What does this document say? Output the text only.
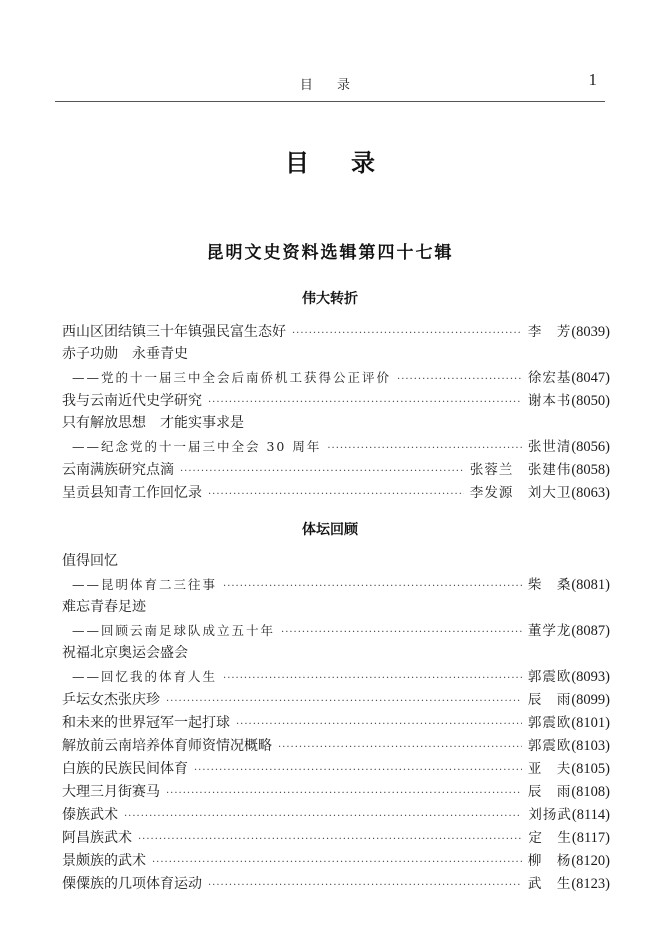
目 录	1
目录
昆明文史资料选辑第四十七辑
伟大转折
西山区团结镇三十年镇强民富生态好 ·····	李　芳 (8039)
赤子功勋　永垂青史
——党的十一届三中全会后南侨机工获得公正评价 ·····	徐宏基 (8047)
我与云南近代史学研究 ·····	谢本书 (8050)
只有解放思想　才能实事求是
——纪念党的十一届三中全会 30 周年 ·····	张世清 (8056)
云南满族研究点滴 ·····	张蓉兰　张建伟 (8058)
呈贡县知青工作回忆录 ·····	李发源　刘大卫 (8063)
体坛回顾
值得回忆
——昆明体育二三往事 ·····	柴　桑 (8081)
难忘青春足迹
——回顾云南足球队成立五十年 ·····	董学龙 (8087)
祝福北京奥运会盛会
——回忆我的体育人生 ·····	郭震欧 (8093)
乒坛女杰张庆珍 ·····	辰　雨 (8099)
和未来的世界冠军一起打球 ·····	郭震欧 (8101)
解放前云南培养体育师资情况概略 ·····	郭震欧 (8103)
白族的民族民间体育 ·····	亚　夫 (8105)
大理三月街赛马 ·····	辰　雨 (8108)
傣族武术 ·····	刘扬武 (8114)
阿昌族武术 ·····	定　生 (8117)
景颇族的武术 ·····	柳　杨 (8120)
傈僳族的几项体育运动 ·····	武　生 (8123)
